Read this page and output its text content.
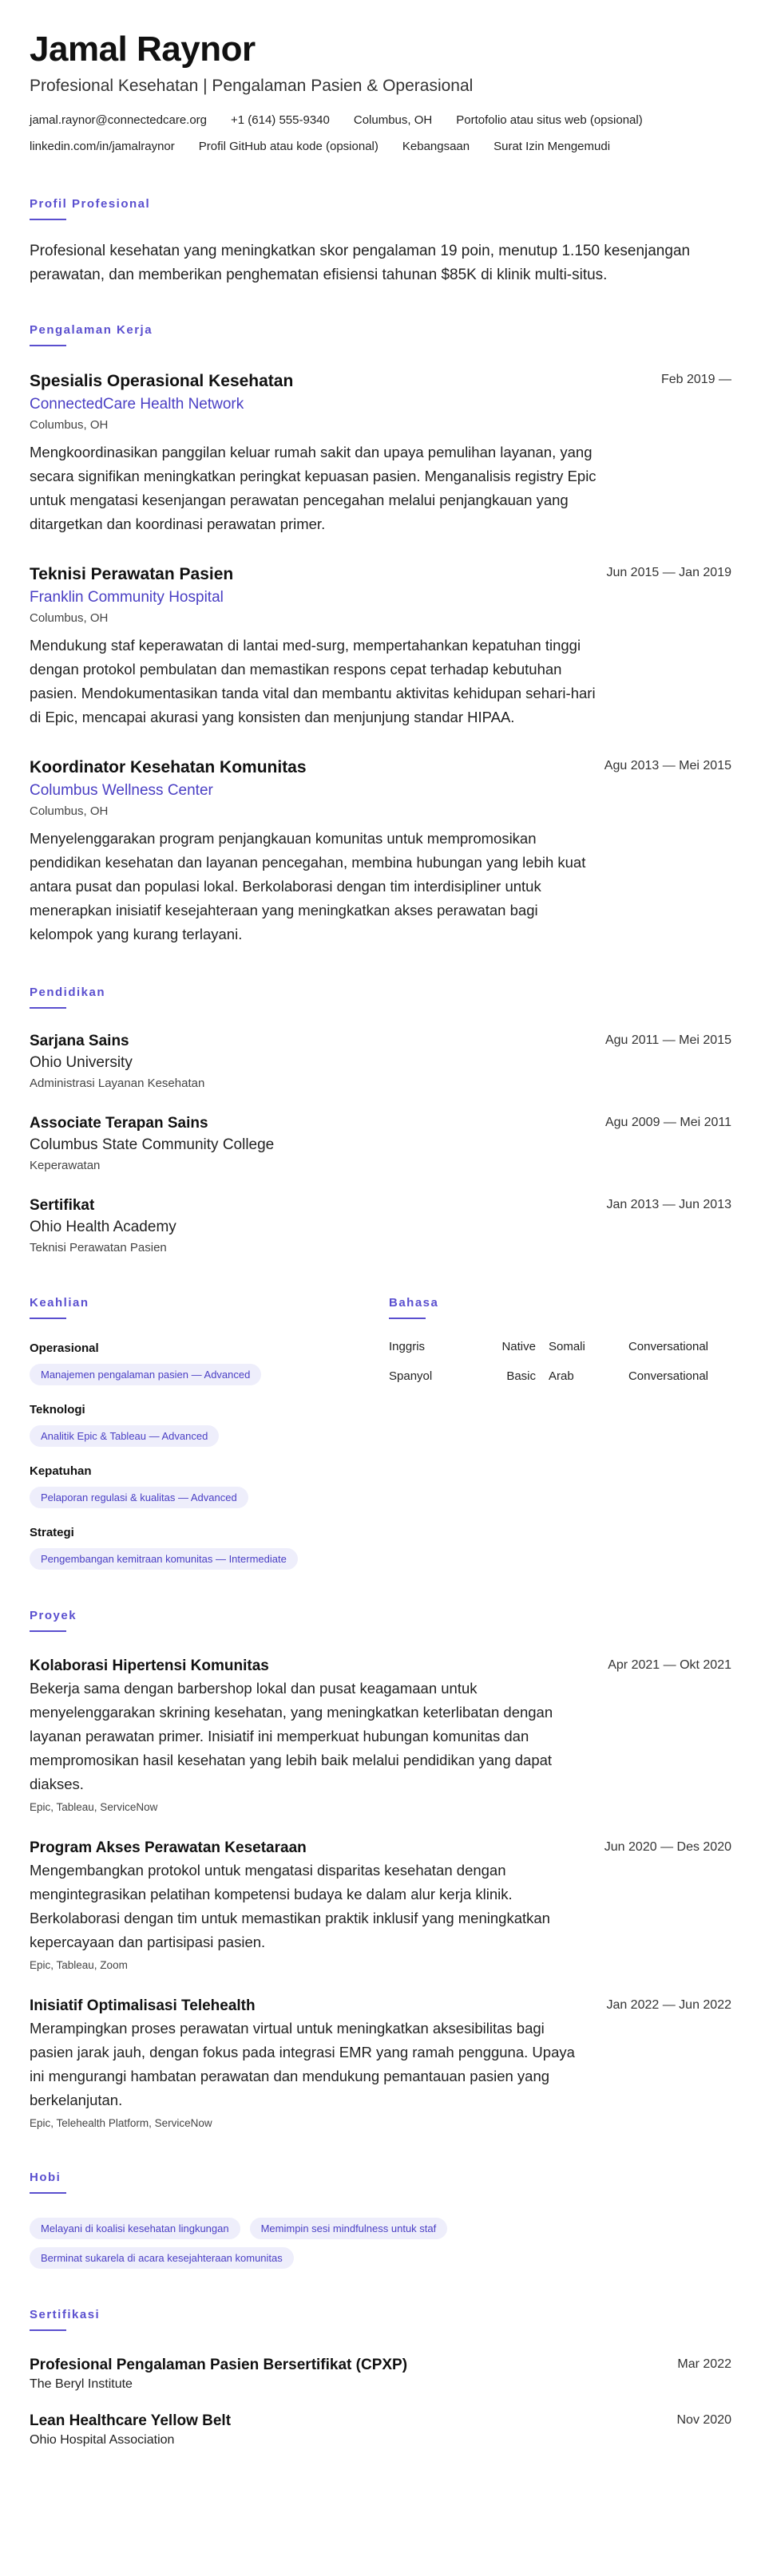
Jamal Raynor
Profesional Kesehatan | Pengalaman Pasien & Operasional
jamal.raynor@connectedcare.org +1 (614) 555-9340 Columbus, OH Portofolio atau situs web (opsional)
linkedin.com/in/jamalraynor Profil GitHub atau kode (opsional) Kebangsaan Surat Izin Mengemudi
Profil Profesional

Profesional kesehatan yang meningkatkan skor pengalaman 19 poin, menutup 1.150 kesenjangan perawatan, dan memberikan penghematan efisiensi tahunan $85K di klinik multi-situs.

Pengalaman Kerja
Spesialis Operasional Kesehatan	Feb 2019 —
ConnectedCare Health Network
Columbus, OH

Mengkoordinasikan panggilan keluar rumah sakit dan upaya pemulihan layanan, yang secara signifikan meningkatkan peringkat kepuasan pasien. Menganalisis registry Epic untuk mengatasi kesenjangan perawatan pencegahan melalui penjangkauan yang ditargetkan dan koordinasi perawatan primer.

Teknisi Perawatan Pasien	Jun 2015 — Jan 2019
Franklin Community Hospital
Columbus, OH

Mendukung staf keperawatan di lantai med-surg, mempertahankan kepatuhan tinggi dengan protokol pembulatan dan memastikan respons cepat terhadap kebutuhan pasien. Mendokumentasikan tanda vital dan membantu aktivitas kehidupan sehari-hari di Epic, mencapai akurasi yang konsisten dan menjunjung standar HIPAA.

Koordinator Kesehatan Komunitas	Agu 2013 — Mei 2015
Columbus Wellness Center
Columbus, OH

Menyelenggarakan program penjangkauan komunitas untuk mempromosikan pendidikan kesehatan dan layanan pencegahan, membina hubungan yang lebih kuat antara pusat dan populasi lokal. Berkolaborasi dengan tim interdisipliner untuk menerapkan inisiatif kesejahteraan yang meningkatkan akses perawatan bagi kelompok yang kurang terlayani.

Pendidikan
Sarjana Sains	Agu 2011 — Mei 2015
Ohio University
Administrasi Layanan Kesehatan
Associate Terapan Sains	Agu 2009 — Mei 2011
Columbus State Community College
Keperawatan
Sertifikat	Jan 2013 — Jun 2013
Ohio Health Academy
Teknisi Perawatan Pasien
Keahlian
Operasional
Manajemen pengalaman pasien — Advanced
Teknologi
Analitik Epic & Tableau — Advanced
Kepatuhan
Pelaporan regulasi & kualitas — Advanced
Strategi
Pengembangan kemitraan komunitas — Intermediate
Bahasa
Inggris	Native	Somali	Conversational
Spanyol	Basic	Arab	Conversational
Proyek
Kolaborasi Hipertensi Komunitas	Apr 2021 — Okt 2021

Bekerja sama dengan barbershop lokal dan pusat keagamaan untuk menyelenggarakan skrining kesehatan, yang meningkatkan keterlibatan dengan layanan perawatan primer. Inisiatif ini memperkuat hubungan komunitas dan mempromosikan hasil kesehatan yang lebih baik melalui pendidikan yang dapat diakses.

Epic, Tableau, ServiceNow
Program Akses Perawatan Kesetaraan	Jun 2020 — Des 2020

Mengembangkan protokol untuk mengatasi disparitas kesehatan dengan mengintegrasikan pelatihan kompetensi budaya ke dalam alur kerja klinik. Berkolaborasi dengan tim untuk memastikan praktik inklusif yang meningkatkan kepercayaan dan partisipasi pasien.

Epic, Tableau, Zoom
Inisiatif Optimalisasi Telehealth	Jan 2022 — Jun 2022

Merampingkan proses perawatan virtual untuk meningkatkan aksesibilitas bagi pasien jarak jauh, dengan fokus pada integrasi EMR yang ramah pengguna. Upaya ini mengurangi hambatan perawatan dan mendukung pemantauan pasien yang berkelanjutan.

Epic, Telehealth Platform, ServiceNow
Hobi
Melayani di koalisi kesehatan lingkungan	Memimpin sesi mindfulness untuk staf
Berminat sukarela di acara kesejahteraan komunitas
Sertifikasi
Profesional Pengalaman Pasien Bersertifikat (CPXP)	Mar 2022
The Beryl Institute
Lean Healthcare Yellow Belt	Nov 2020
Ohio Hospital Association
